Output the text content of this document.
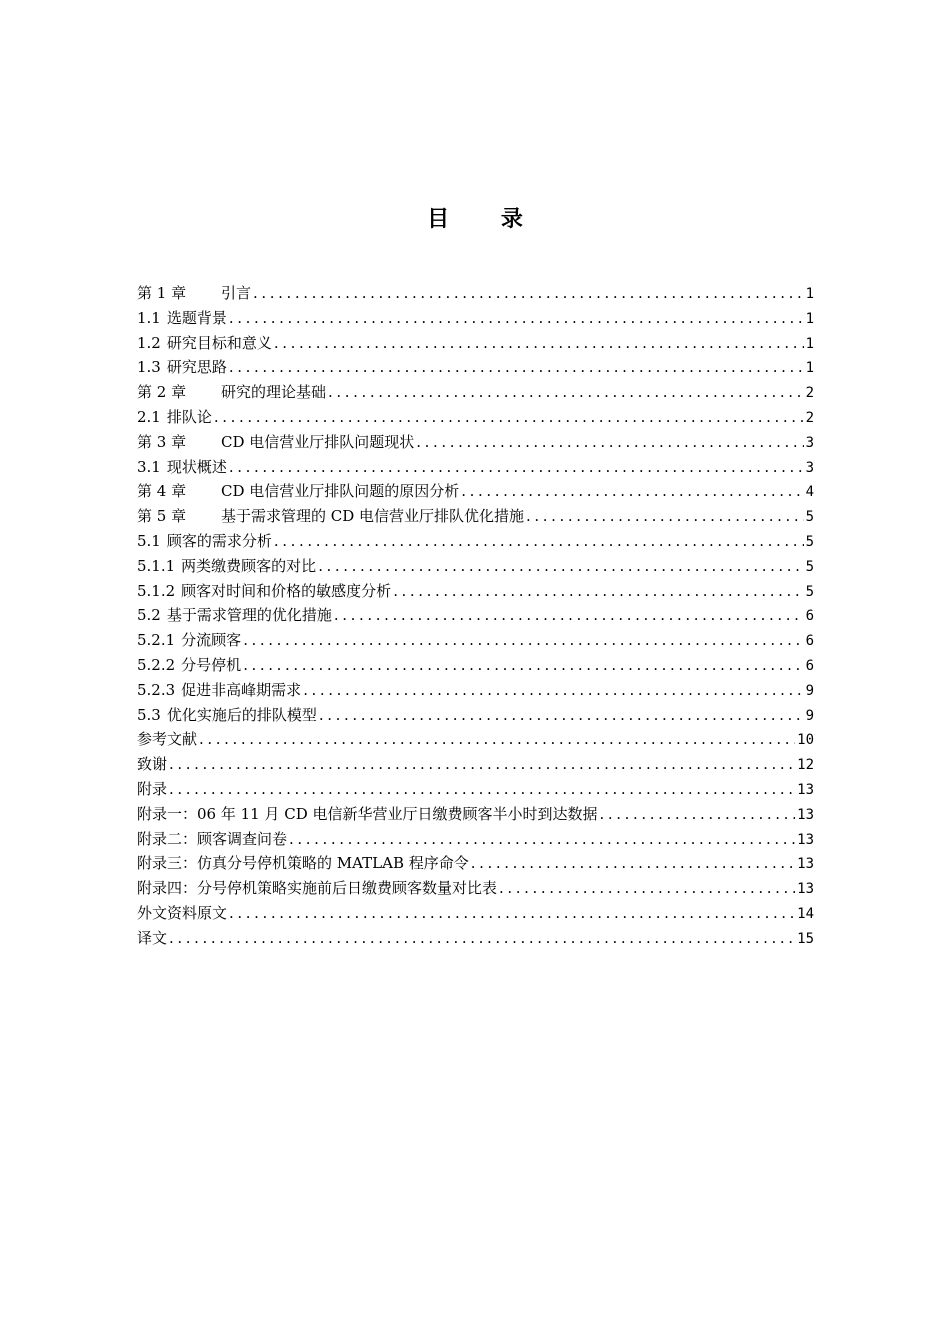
目 录
第 1 章	引言 .....	1
1.1 选题背景 .....	1
1.2 研究目标和意义 .....	1
1.3 研究思路 .....	1
第 2 章	研究的理论基础 .....	2
2.1 排队论 .....	2
第 3 章	CD 电信营业厅排队问题现状 .....	3
3.1 现状概述 .....	3
第 4 章	CD 电信营业厅排队问题的原因分析 .....	4
第 5 章	基于需求管理的 CD 电信营业厅排队优化措施 .....	5
5.1 顾客的需求分析 .....	5
5.1.1 两类缴费顾客的对比 .....	5
5.1.2 顾客对时间和价格的敏感度分析 .....	5
5.2 基于需求管理的优化措施 .....	6
5.2.1 分流顾客 .....	6
5.2.2 分号停机 .....	6
5.2.3 促进非高峰期需求 .....	9
5.3 优化实施后的排队模型 .....	9
参考文献 .....	10
致谢 .....	12
附录 .....	13
附录一：06 年 11 月 CD 电信新华营业厅日缴费顾客半小时到达数据 .....	13
附录二：顾客调查问卷 .....	13
附录三：仿真分号停机策略的 MATLAB 程序命令 .....	13
附录四：分号停机策略实施前后日缴费顾客数量对比表 .....	13
外文资料原文 .....	14
译文 .....	15
